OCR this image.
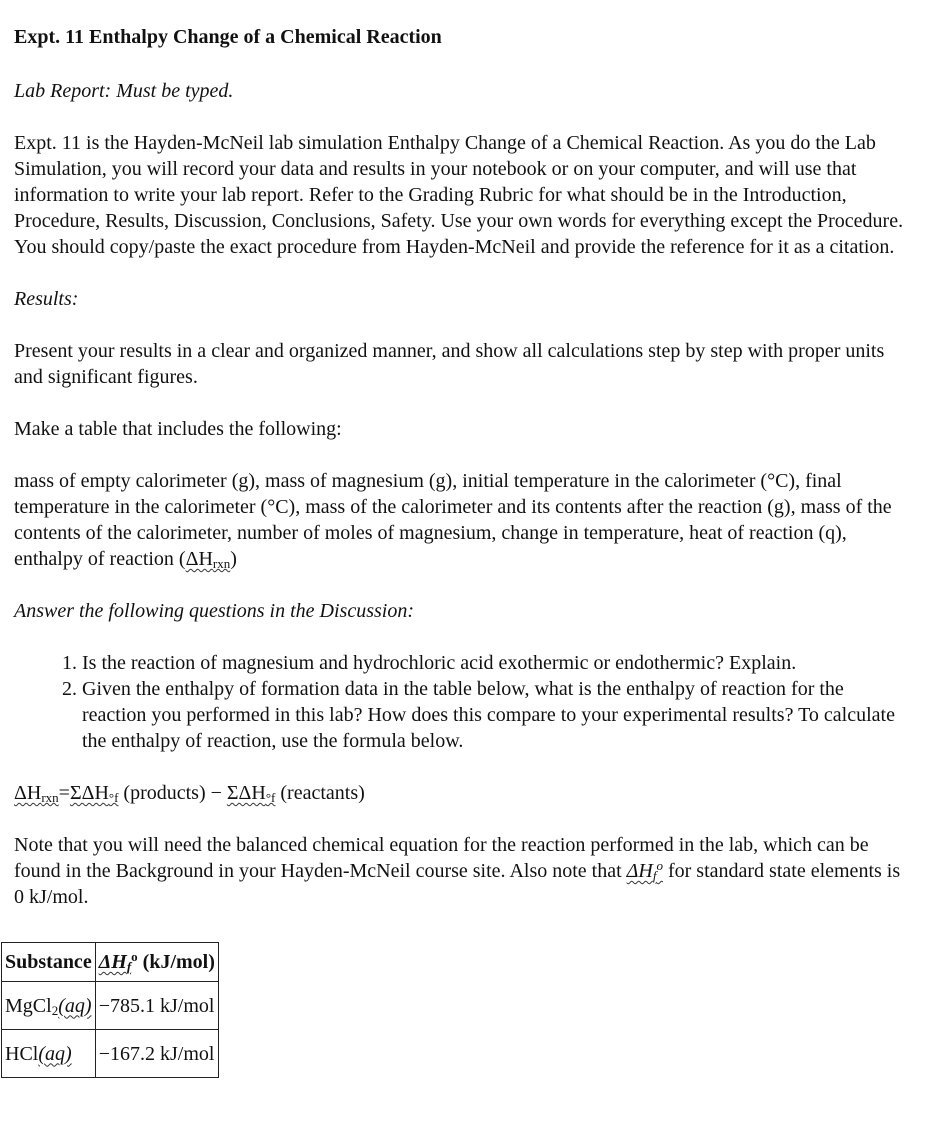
Expt. 11 Enthalpy Change of a Chemical Reaction

Lab Report: Must be typed.

Expt. 11 is the Hayden-McNeil lab simulation Enthalpy Change of a Chemical Reaction. As you do the Lab Simulation, you will record your data and results in your notebook or on your computer, and will use that information to write your lab report. Refer to the Grading Rubric for what should be in the Introduction, Procedure, Results, Discussion, Conclusions, Safety. Use your own words for everything except the Procedure. You should copy/paste the exact procedure from Hayden-McNeil and provide the reference for it as a citation.

Results:

Present your results in a clear and organized manner, and show all calculations step by step with proper units and significant figures.

Make a table that includes the following:

mass of empty calorimeter (g), mass of magnesium (g), initial temperature in the calorimeter (°C), final temperature in the calorimeter (°C), mass of the calorimeter and its contents after the reaction (g), mass of the contents of the calorimeter, number of moles of magnesium, change in temperature, heat of reaction (q), enthalpy of reaction $(\Delta H_{rxn})$

Answer the following questions in the Discussion:

1. Is the reaction of magnesium and hydrochloric acid exothermic or endothermic? Explain.
2. Given the enthalpy of formation data in the table below, what is the enthalpy of reaction for the reaction you performed in this lab? How does this compare to your experimental results? To calculate the enthalpy of reaction, use the formula below.

$\Delta H_{rxn}=\Sigma\Delta H_{^\circ f}$ (products) − $\Sigma\Delta H_{^\circ f}$ (reactants)

Note that you will need the balanced chemical equation for the reaction performed in the lab, which can be found in the Background in your Hayden-McNeil course site. Also note that $\Delta H_f^o$ for standard state elements is 0 kJ/mol.

Substance	$\Delta H_f^o$ (kJ/mol)
MgCl$_2$(aq)	−785.1 kJ/mol
HCl(aq)	−167.2 kJ/mol
